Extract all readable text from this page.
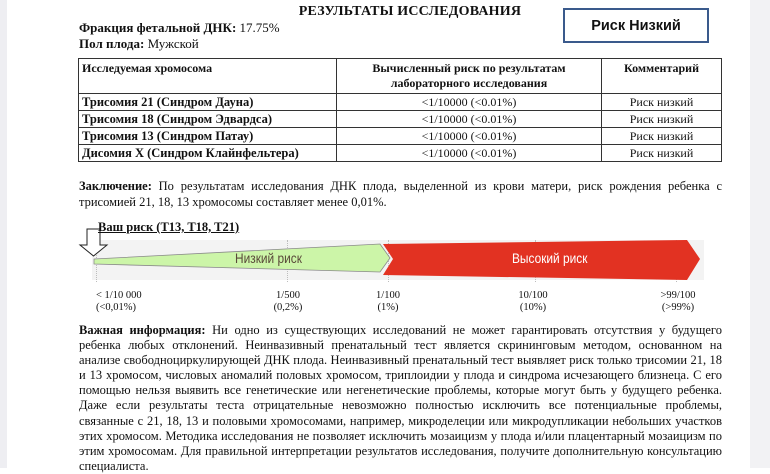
РЕЗУЛЬТАТЫ ИССЛЕДОВАНИЯ
Фракция фетальной ДНК: 17.75%
Пол плода: Мужской
Риск Низкий
Исследуемая хромосома	Вычисленный риск по результатам лабораторного исследования	Комментарий
Трисомия 21 (Синдром Дауна)	<1/10000 (<0.01%)	Риск низкий
Трисомия 18 (Синдром Эдвардса)	<1/10000 (<0.01%)	Риск низкий
Трисомия 13 (Синдром Патау)	<1/10000 (<0.01%)	Риск низкий
Дисомия X (Синдром Клайнфельтера)	<1/10000 (<0.01%)	Риск низкий
Заключение: По результатам исследования ДНК плода, выделенной из крови матери, риск рождения ребенка с трисомией 21, 18, 13 хромосомы составляет менее 0,01%.
Ваш риск (T13, T18, T21)
Низкий риск	Высокий риск
< 1/10 000
(<0,01%)
1/500
(0,2%)
1/100
(1%)
10/100
(10%)
>99/100
(>99%)
Важная информация: Ни одно из существующих исследований не может гарантировать отсутствия у будущего ребенка любых отклонений. Неинвазивный пренатальный тест является скрининговым методом, основанном на анализе свободноциркулирующей ДНК плода. Неинвазивный пренатальный тест выявляет риск только трисомии 21, 18 и 13 хромосом, числовых аномалий половых хромосом, триплоидии у плода и синдрома исчезающего близнеца. С его помощью нельзя выявить все генетические или негенетические проблемы, которые могут быть у будущего ребенка. Даже если результаты теста отрицательные невозможно полностью исключить все потенциальные проблемы, связанные с 21, 18, 13 и половыми хромосомами, например, микроделеции или микродупликации небольших участков этих хромосом. Методика исследования не позволяет исключить мозаицизм у плода и/или плацентарный мозаицизм по этим хромосомам. Для правильной интерпретации результатов исследования, получите дополнительную консультацию специалиста.
